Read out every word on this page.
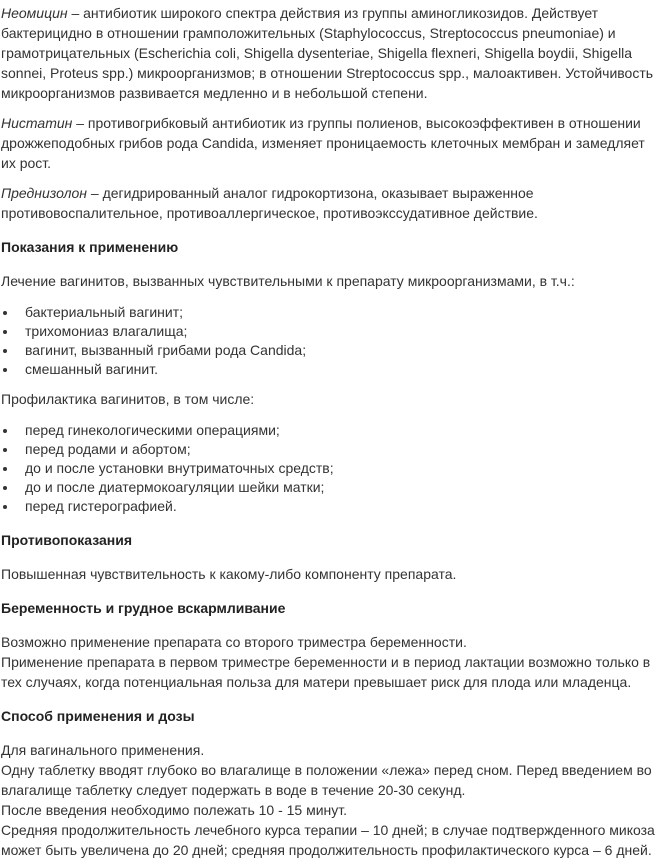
Неомицин – антибиотик широкого спектра действия из группы аминогликозидов. Действует бактерицидно в отношении грамположительных (Staphylococcus, Streptococcus pneumoniae) и грамотрицательных (Escherichia coli, Shigella dysenteriae, Shigella flexneri, Shigella boydii, Shigella sonnei, Proteus spp.) микроорганизмов; в отношении Streptococcus spp., малоактивен. Устойчивость микроорганизмов развивается медленно и в небольшой степени.

Нистатин – противогрибковый антибиотик из группы полиенов, высокоэффективен в отношении дрожжеподобных грибов рода Candida, изменяет проницаемость клеточных мембран и замедляет их рост.

Преднизолон – дегидрированный аналог гидрокортизона, оказывает выраженное противовоспалительное, противоаллергическое, противоэкссудативное действие.

Показания к применению

Лечение вагинитов, вызванных чувствительными к препарату микроорганизмами, в т.ч.:

бактериальный вагинит;
трихомониаз влагалища;
вагинит, вызванный грибами рода Candida;
смешанный вагинит.

Профилактика вагинитов, в том числе:

перед гинекологическими операциями;
перед родами и абортом;
до и после установки внутриматочных средств;
до и после диатермокоагуляции шейки матки;
перед гистерографией.
Противопоказания

Повышенная чувствительность к какому-либо компоненту препарата.

Беременность и грудное вскармливание

Возможно применение препарата со второго триместра беременности.

Применение препарата в первом триместре беременности и в период лактации возможно только в тех случаях, когда потенциальная польза для матери превышает риск для плода или младенца.

Способ применения и дозы

Для вагинального применения.

Одну таблетку вводят глубоко во влагалище в положении «лежа» перед сном. Перед введением во влагалище таблетку следует подержать в воде в течение 20-30 секунд.

После введения необходимо полежать 10 - 15 минут.

Средняя продолжительность лечебного курса терапии – 10 дней; в случае подтвержденного микоза может быть увеличена до 20 дней; средняя продолжительность профилактического курса – 6 дней.
